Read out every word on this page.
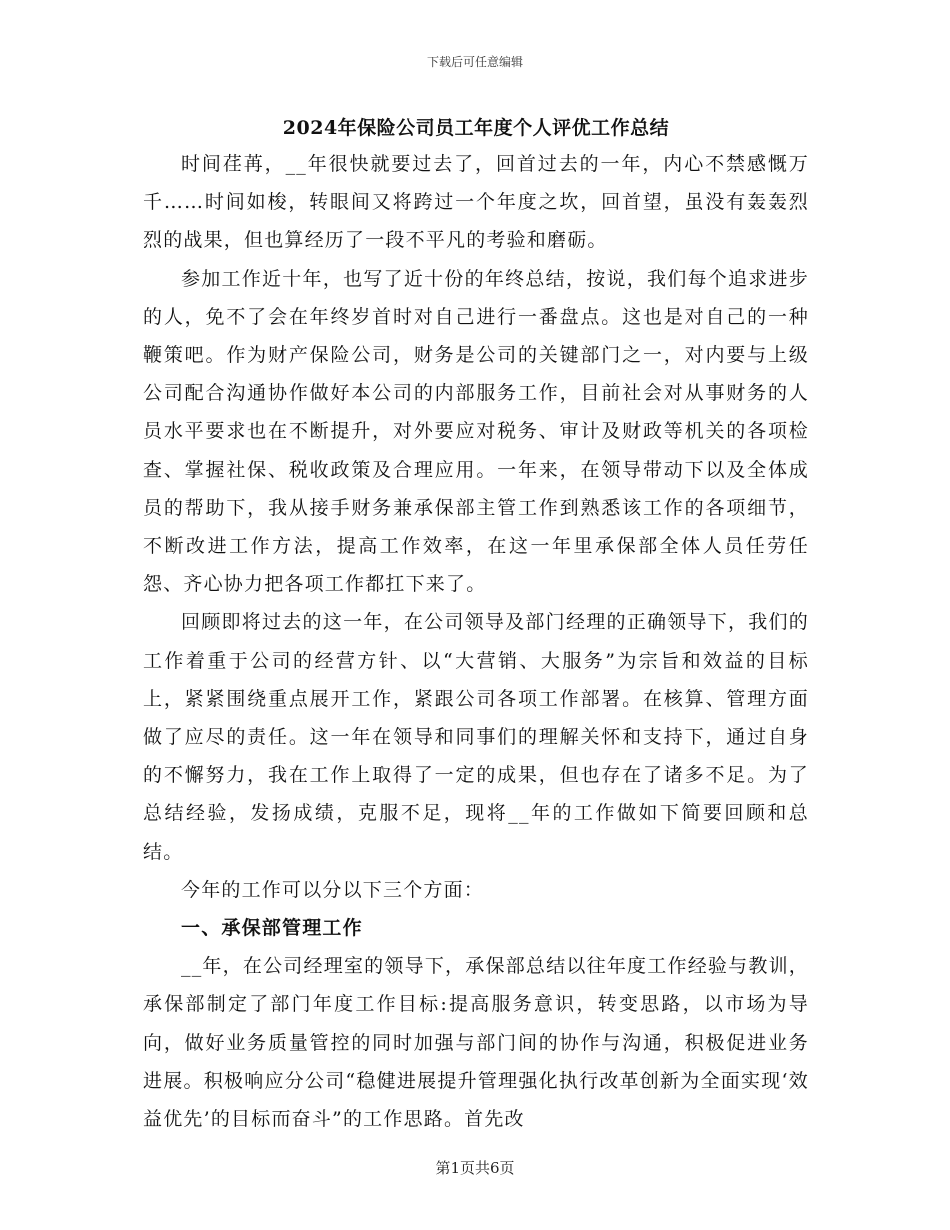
下载后可任意编辑
2024年保险公司员工年度个人评优工作总结

时间荏苒，__年很快就要过去了，回首过去的一年，内心不禁感慨万千……时间如梭，转眼间又将跨过一个年度之坎，回首望，虽没有轰轰烈烈的战果，但也算经历了一段不平凡的考验和磨砺。

参加工作近十年，也写了近十份的年终总结，按说，我们每个追求进步的人，免不了会在年终岁首时对自己进行一番盘点。这也是对自己的一种鞭策吧。作为财产保险公司，财务是公司的关键部门之一，对内要与上级公司配合沟通协作做好本公司的内部服务工作，目前社会对从事财务的人员水平要求也在不断提升，对外要应对税务、审计及财政等机关的各项检查、掌握社保、税收政策及合理应用。一年来，在领导带动下以及全体成员的帮助下，我从接手财务兼承保部主管工作到熟悉该工作的各项细节，不断改进工作方法，提高工作效率，在这一年里承保部全体人员任劳任怨、齐心协力把各项工作都扛下来了。

回顾即将过去的这一年，在公司领导及部门经理的正确领导下，我们的工作着重于公司的经营方针、以“大营销、大服务”为宗旨和效益的目标上，紧紧围绕重点展开工作，紧跟公司各项工作部署。在核算、管理方面做了应尽的责任。这一年在领导和同事们的理解关怀和支持下，通过自身的不懈努力，我在工作上取得了一定的成果，但也存在了诸多不足。为了总结经验，发扬成绩，克服不足，现将__年的工作做如下简要回顾和总结。

今年的工作可以分以下三个方面：

一、承保部管理工作

__年，在公司经理室的领导下，承保部总结以往年度工作经验与教训，承保部制定了部门年度工作目标:提高服务意识，转变思路，以市场为导向，做好业务质量管控的同时加强与部门间的协作与沟通，积极促进业务进展。积极响应分公司“稳健进展提升管理强化执行改革创新为全面实现‘效益优先’的目标而奋斗”的工作思路。首先改

第1页共6页
